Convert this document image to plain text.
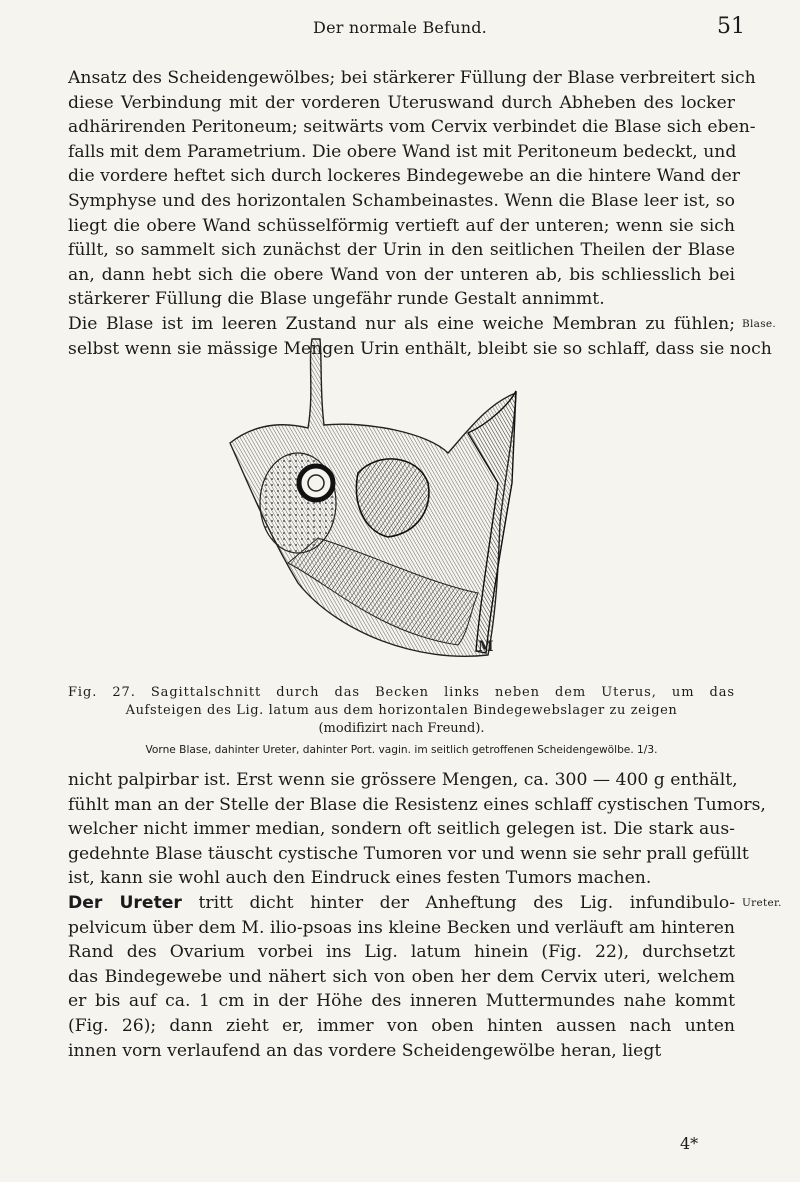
Der normale Befund.	51
Ansatz des Scheidengewölbes; bei stärkerer Füllung der Blase verbreitert sich
diese Verbindung mit der vorderen Uteruswand durch Abheben des locker
adhärirenden Peritoneum; seitwärts vom Cervix verbindet die Blase sich eben-
falls mit dem Parametrium. Die obere Wand ist mit Peritoneum bedeckt, und
die vordere heftet sich durch lockeres Bindegewebe an die hintere Wand der
Symphyse und des horizontalen Schambeinastes. Wenn die Blase leer ist, so
liegt die obere Wand schüsselförmig vertieft auf der unteren; wenn sie sich
füllt, so sammelt sich zunächst der Urin in den seitlichen Theilen der Blase
an, dann hebt sich die obere Wand von der unteren ab, bis schliesslich bei
stärkerer Füllung die Blase ungefähr runde Gestalt annimmt.
Die Blase ist im leeren Zustand nur als eine weiche Membran zu fühlen;
selbst wenn sie mässige Mengen Urin enthält, bleibt sie so schlaff, dass sie noch
Blase.
M
Fig. 27. Sagittalschnitt durch das Becken links neben dem Uterus, um das
Aufsteigen des Lig. latum aus dem horizontalen Bindegewebslager zu zeigen
(modifizirt nach Freund).
Vorne Blase, dahinter Ureter, dahinter Port. vagin. im seitlich getroffenen Scheidengewölbe. 1/3.
nicht palpirbar ist. Erst wenn sie grössere Mengen, ca. 300 — 400 g enthält,
fühlt man an der Stelle der Blase die Resistenz eines schlaff cystischen Tumors,
welcher nicht immer median, sondern oft seitlich gelegen ist. Die stark aus-
gedehnte Blase täuscht cystische Tumoren vor und wenn sie sehr prall gefüllt
ist, kann sie wohl auch den Eindruck eines festen Tumors machen.
Der Ureter tritt dicht hinter der Anheftung des Lig. infundibulo-
pelvicum über dem M. ilio-psoas ins kleine Becken und verläuft am hinteren
Rand des Ovarium vorbei ins Lig. latum hinein (Fig. 22), durchsetzt
das Bindegewebe und nähert sich von oben her dem Cervix uteri, welchem
er bis auf ca. 1 cm in der Höhe des inneren Muttermundes nahe kommt
(Fig. 26); dann zieht er, immer von oben hinten aussen nach unten
innen vorn verlaufend an das vordere Scheidengewölbe heran, liegt
Ureter.
4*
